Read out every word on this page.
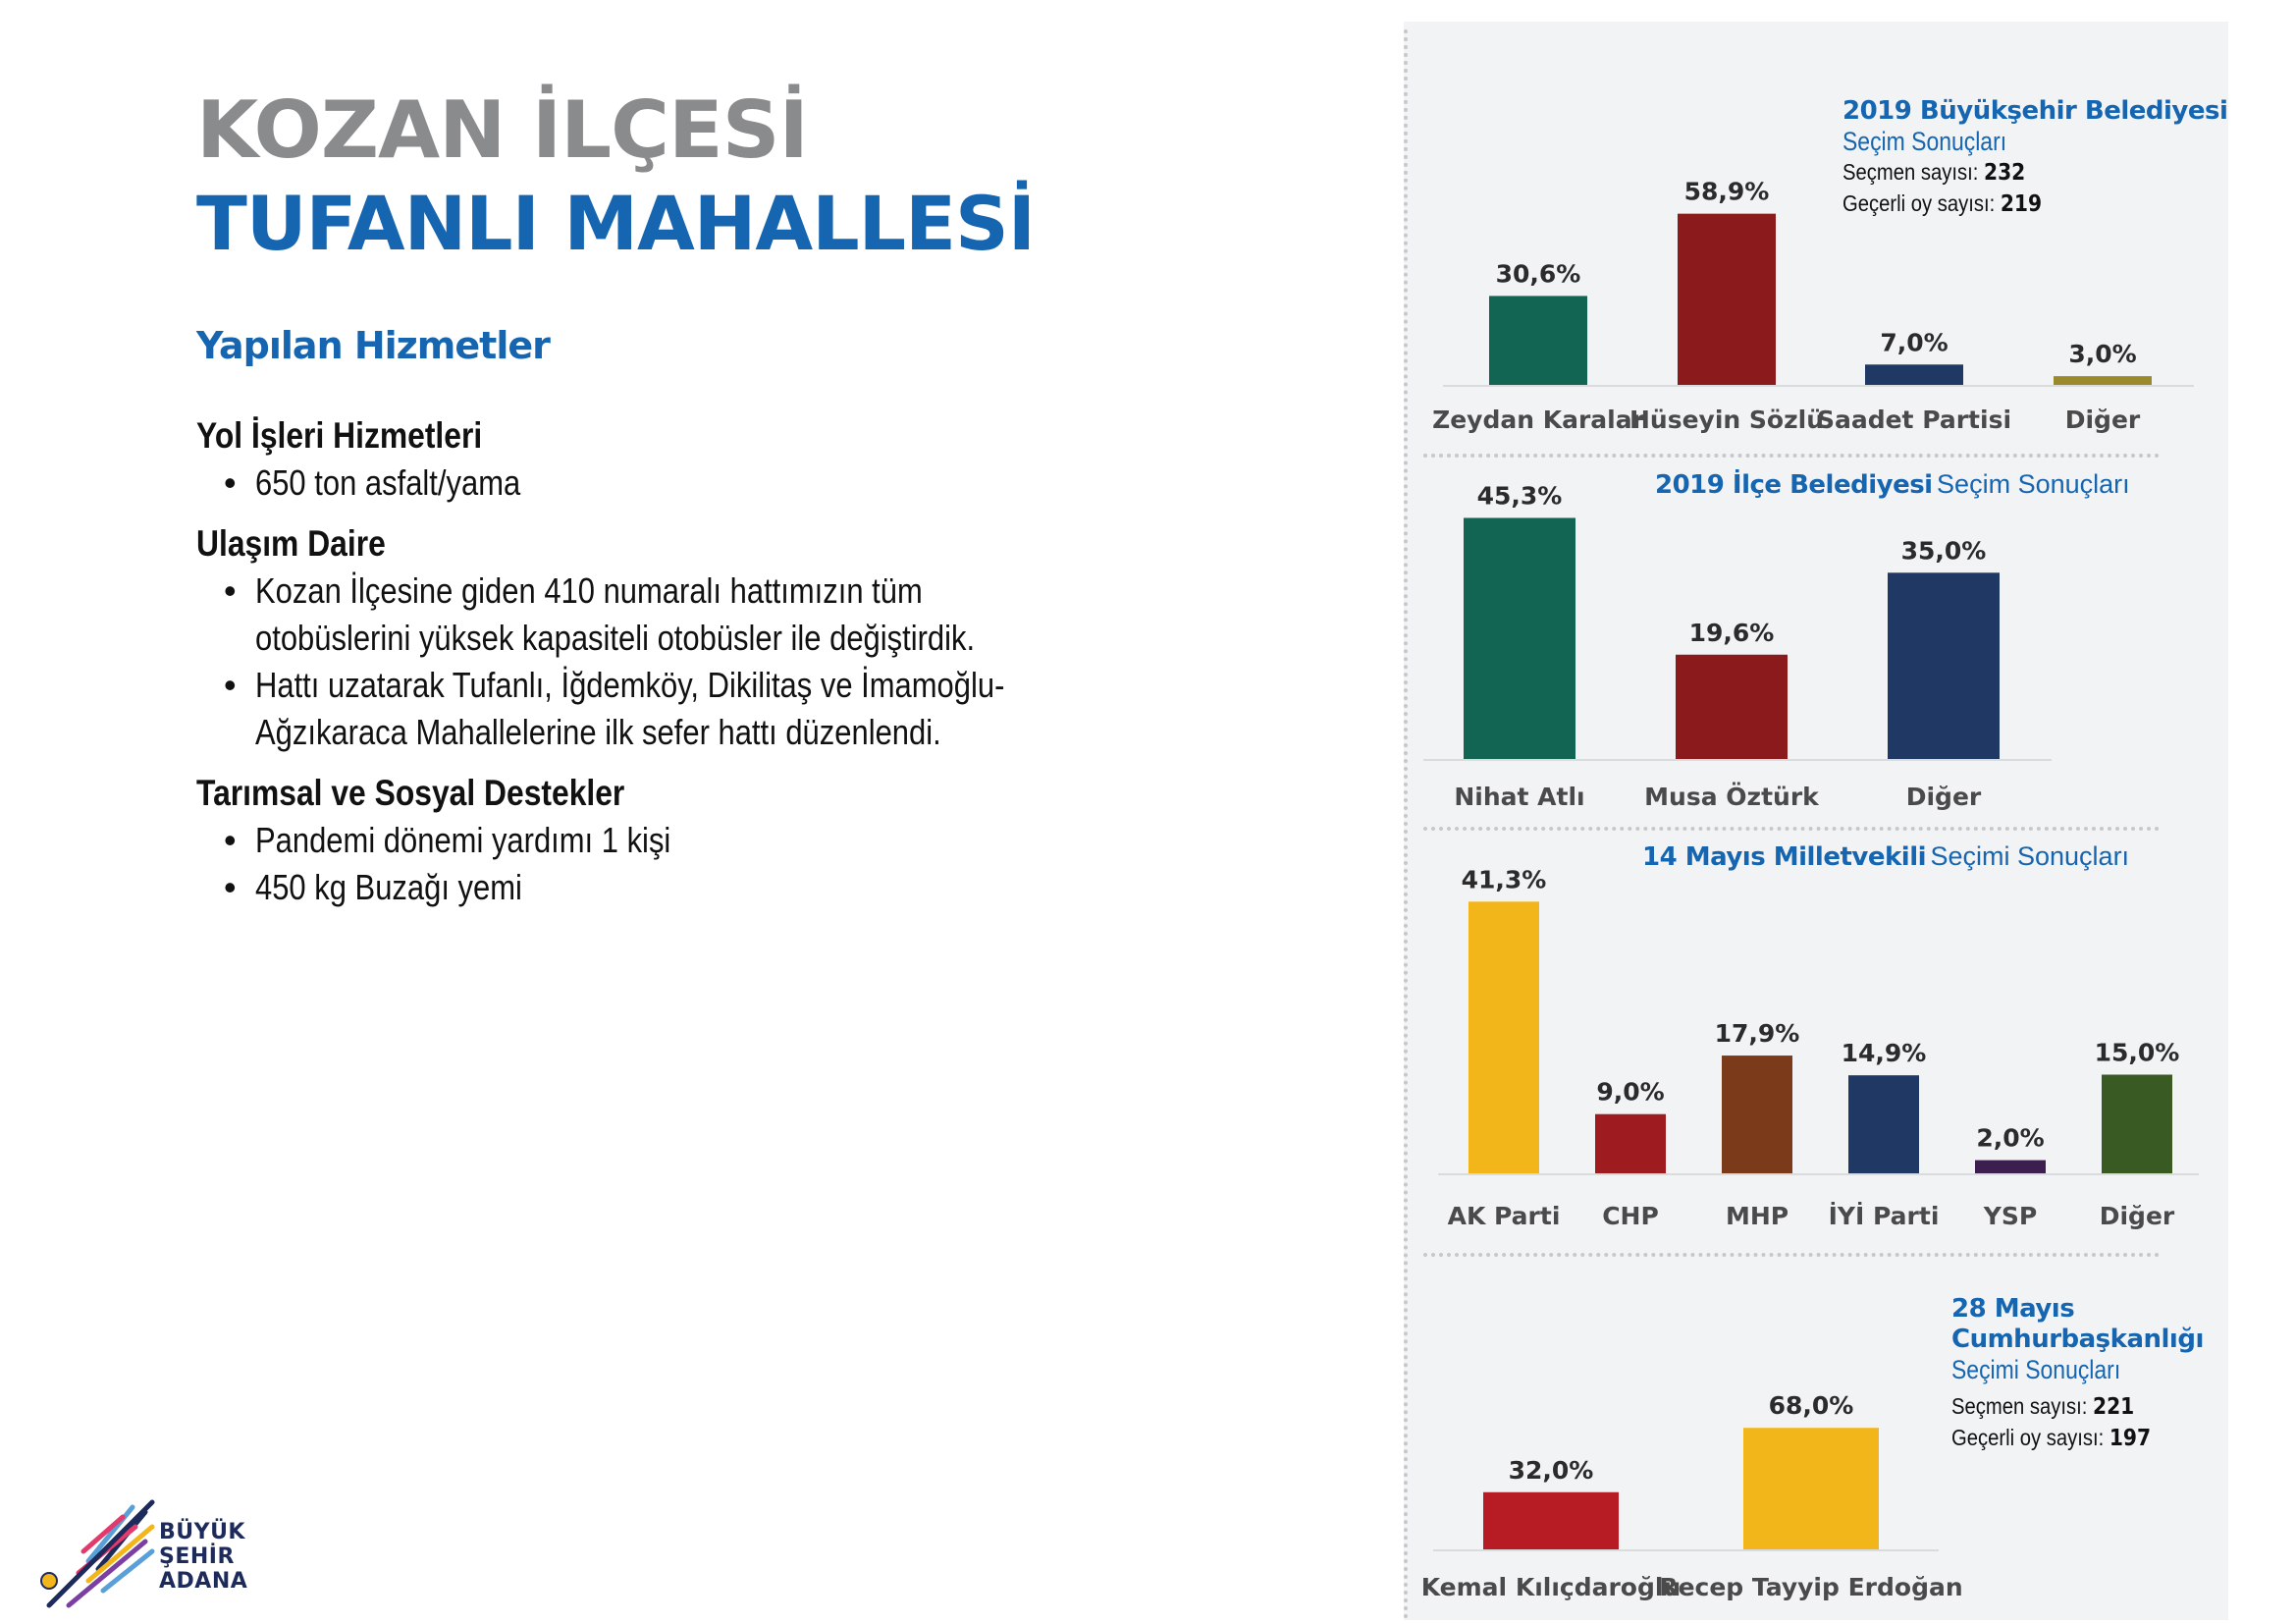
KOZAN İLÇESİ
TUFANLI MAHALLESİ
Yapılan Hizmetler
Yol İşleri Hizmetleri
• 650 ton asfalt/yama
Ulaşım Daire
• Kozan İlçesine giden 410 numaralı hattımızın tüm otobüslerini yüksek kapasiteli otobüsler ile değiştirdik.
• Hattı uzatarak Tufanlı, İğdemköy, Dikilitaş ve İmamoğlu-Ağzıkaraca Mahallelerine ilk sefer hattı düzenlendi.
Tarımsal ve Sosyal Destekler
• Pandemi dönemi yardımı 1 kişi
• 450 kg Buzağı yemi
BÜYÜK
ŞEHİR
ADANA
30,6%
Zeydan Karalar
58,9%
Hüseyin Sözlü
7,0%
Saadet Partisi
3,0%
Diğer
45,3%
Nihat Atlı
19,6%
Musa Öztürk
35,0%
Diğer
41,3%
AK Parti
9,0%
CHP
17,9%
MHP
14,9%
İYİ Parti
2,0%
YSP
15,0%
Diğer
32,0%
Kemal Kılıçdaroğlu
68,0%
Recep Tayyip Erdoğan
2019 Büyükşehir Belediyesi
Seçim Sonuçları
Seçmen sayısı: 232
Geçerli oy sayısı: 219
2019 İlçe Belediyesi Seçim Sonuçları
14 Mayıs Milletvekili Seçimi Sonuçları
28 Mayıs
Cumhurbaşkanlığı
Seçimi Sonuçları
Seçmen sayısı: 221
Geçerli oy sayısı: 197
